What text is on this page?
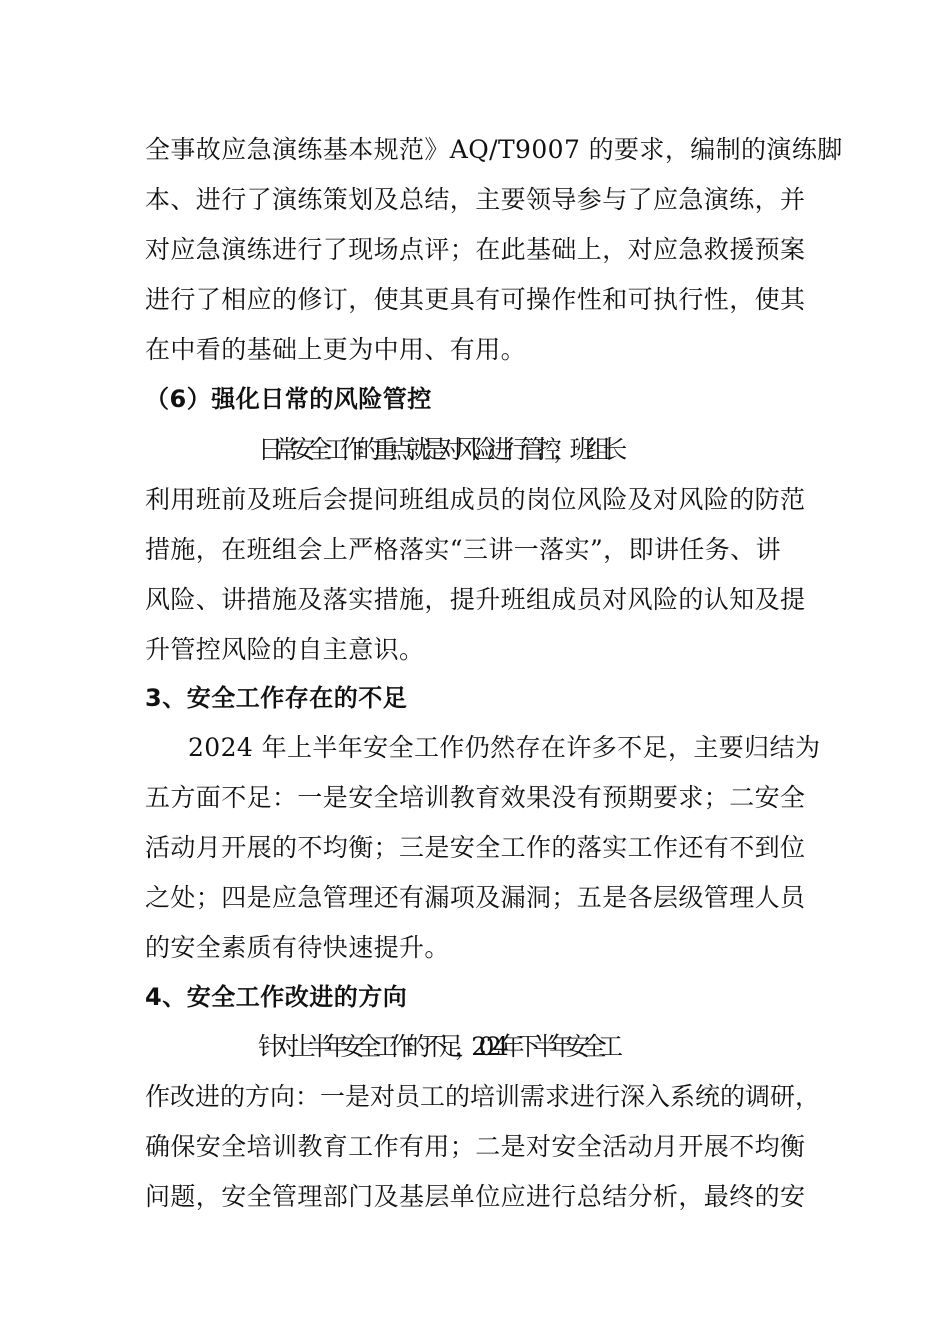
全事故应急演练基本规范》AQ/T9007 的要求，编制的演练脚
本、进行了演练策划及总结，主要领导参与了应急演练，并
对应急演练进行了现场点评；在此基础上，对应急救援预案
进行了相应的修订，使其更具有可操作性和可执行性，使其
在中看的基础上更为中用、有用。
（6）强化日常的风险管控
日常安全工作的重点就是对风险进行管控，班组长
利用班前及班后会提问班组成员的岗位风险及对风险的防范
措施，在班组会上严格落实“三讲一落实”，即讲任务、讲
风险、讲措施及落实措施，提升班组成员对风险的认知及提
升管控风险的自主意识。
3、安全工作存在的不足
2024 年上半年安全工作仍然存在许多不足，主要归结为
五方面不足：一是安全培训教育效果没有预期要求；二安全
活动月开展的不均衡；三是安全工作的落实工作还有不到位
之处；四是应急管理还有漏项及漏洞；五是各层级管理人员
的安全素质有待快速提升。
4、安全工作改进的方向
针对上半年安全工作的不足，2024 年下半年安全工
作改进的方向：一是对员工的培训需求进行深入系统的调研，
确保安全培训教育工作有用；二是对安全活动月开展不均衡
问题，安全管理部门及基层单位应进行总结分析，最终的安
